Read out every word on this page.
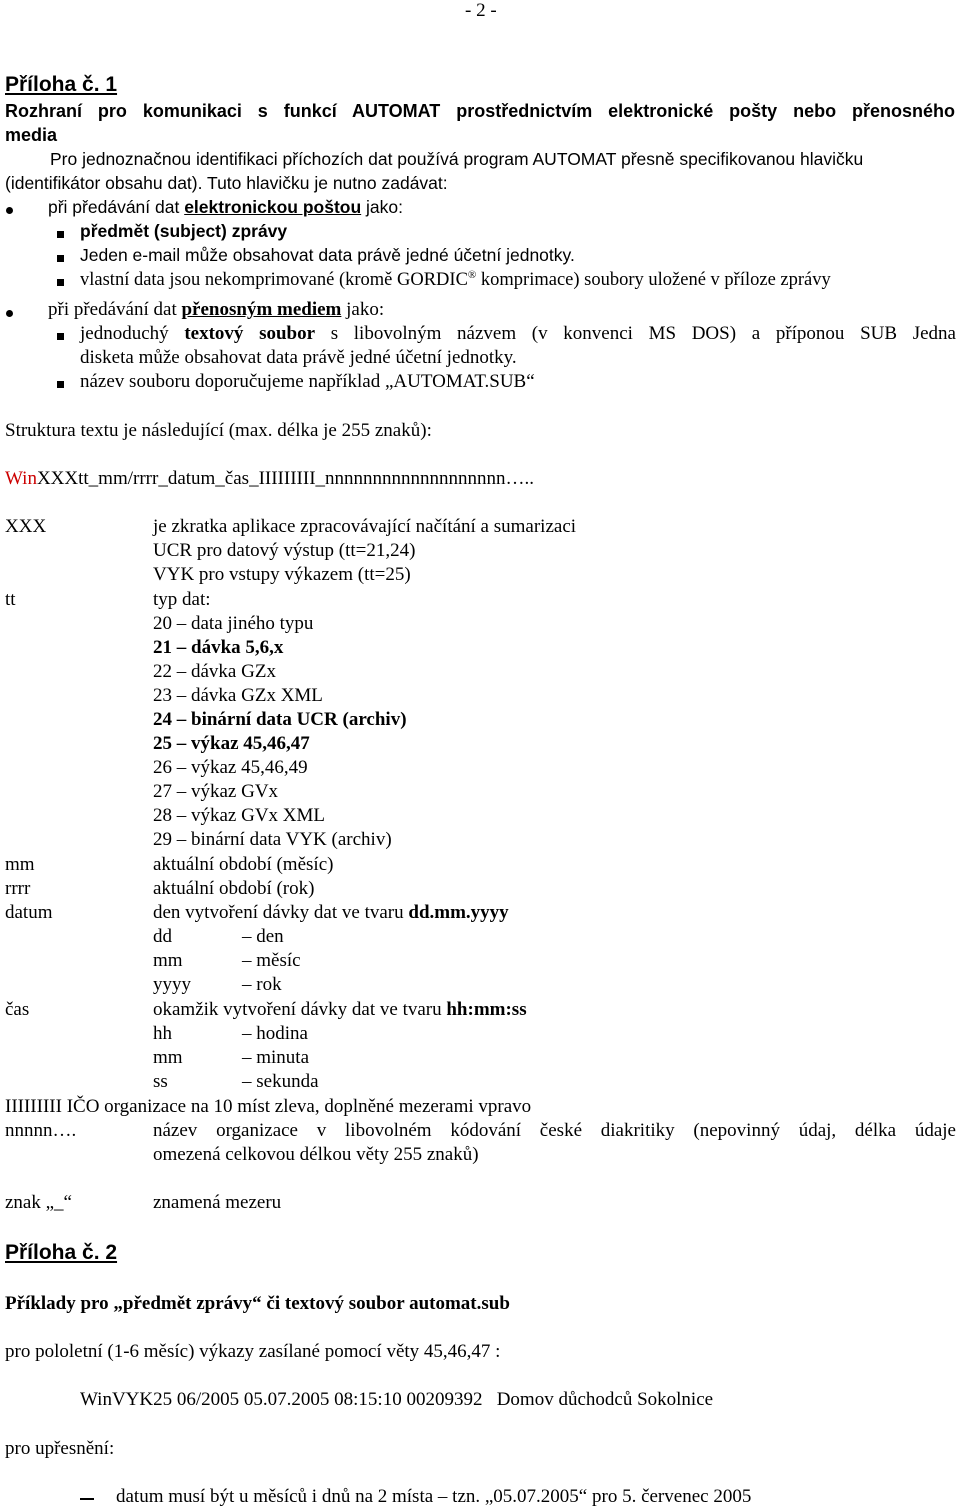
- 2 -
Příloha č. 1
Rozhraní pro komunikaci s funkcí AUTOMAT prostřednictvím elektronické pošty nebo přenosného
media
Pro jednoznačnou identifikaci příchozích dat používá program AUTOMAT přesně specifikovanou hlavičku
(identifikátor obsahu dat). Tuto hlavičku je nutno zadávat:
při předávání dat elektronickou poštou jako:
předmět (subject) zprávy
Jeden e-mail může obsahovat data právě jedné účetní jednotky.
vlastní data jsou nekomprimované (kromě GORDIC® komprimace) soubory uložené v příloze zprávy
při předávání dat přenosným mediem jako:
jednoduchý textový soubor s libovolným názvem (v konvenci MS DOS) a příponou SUB Jedna
disketa může obsahovat data právě jedné účetní jednotky.
název souboru doporučujeme například „AUTOMAT.SUB“
Struktura textu je následující (max. délka je 255 znaků):
WinXXXtt_mm/rrrr_datum_čas_IIIIIIIII_nnnnnnnnnnnnnnnnnnn…..
XXX	je zkratka aplikace zpracovávající načítání a sumarizaci
UCR pro datový výstup (tt=21,24)
VYK pro vstupy výkazem (tt=25)
tt	typ dat:
20 – data jiného typu
21 – dávka 5,6,x
22 – dávka GZx
23 – dávka GZx XML
24 – binární data UCR (archiv)
25 – výkaz 45,46,47
26 – výkaz 45,46,49
27 – výkaz GVx
28 – výkaz GVx XML
29 – binární data VYK (archiv)
mm	aktuální období (měsíc)
rrrr	aktuální období (rok)
datum	den vytvoření dávky dat ve tvaru dd.mm.yyyy
dd	– den
mm	– měsíc
yyyy	– rok
čas	okamžik vytvoření dávky dat ve tvaru hh:mm:ss
hh	– hodina
mm	– minuta
ss	– sekunda
IIIIIIIII IČO organizace na 10 míst zleva, doplněné mezerami vpravo
nnnnn….	název organizace v libovolném kódování české diakritiky (nepovinný údaj, délka údaje
omezená celkovou délkou věty 255 znaků)
znak „_“	znamená mezeru
Příloha č. 2
Příklady pro „předmět zprávy“ či textový soubor automat.sub
pro pololetní (1-6 měsíc) výkazy zasílané pomocí věty 45,46,47 :
WinVYK25 06/2005 05.07.2005 08:15:10 00209392   Domov důchodců Sokolnice
pro upřesnění:
datum musí být u měsíců i dnů na 2 místa – tzn. „05.07.2005“ pro 5. červenec 2005
